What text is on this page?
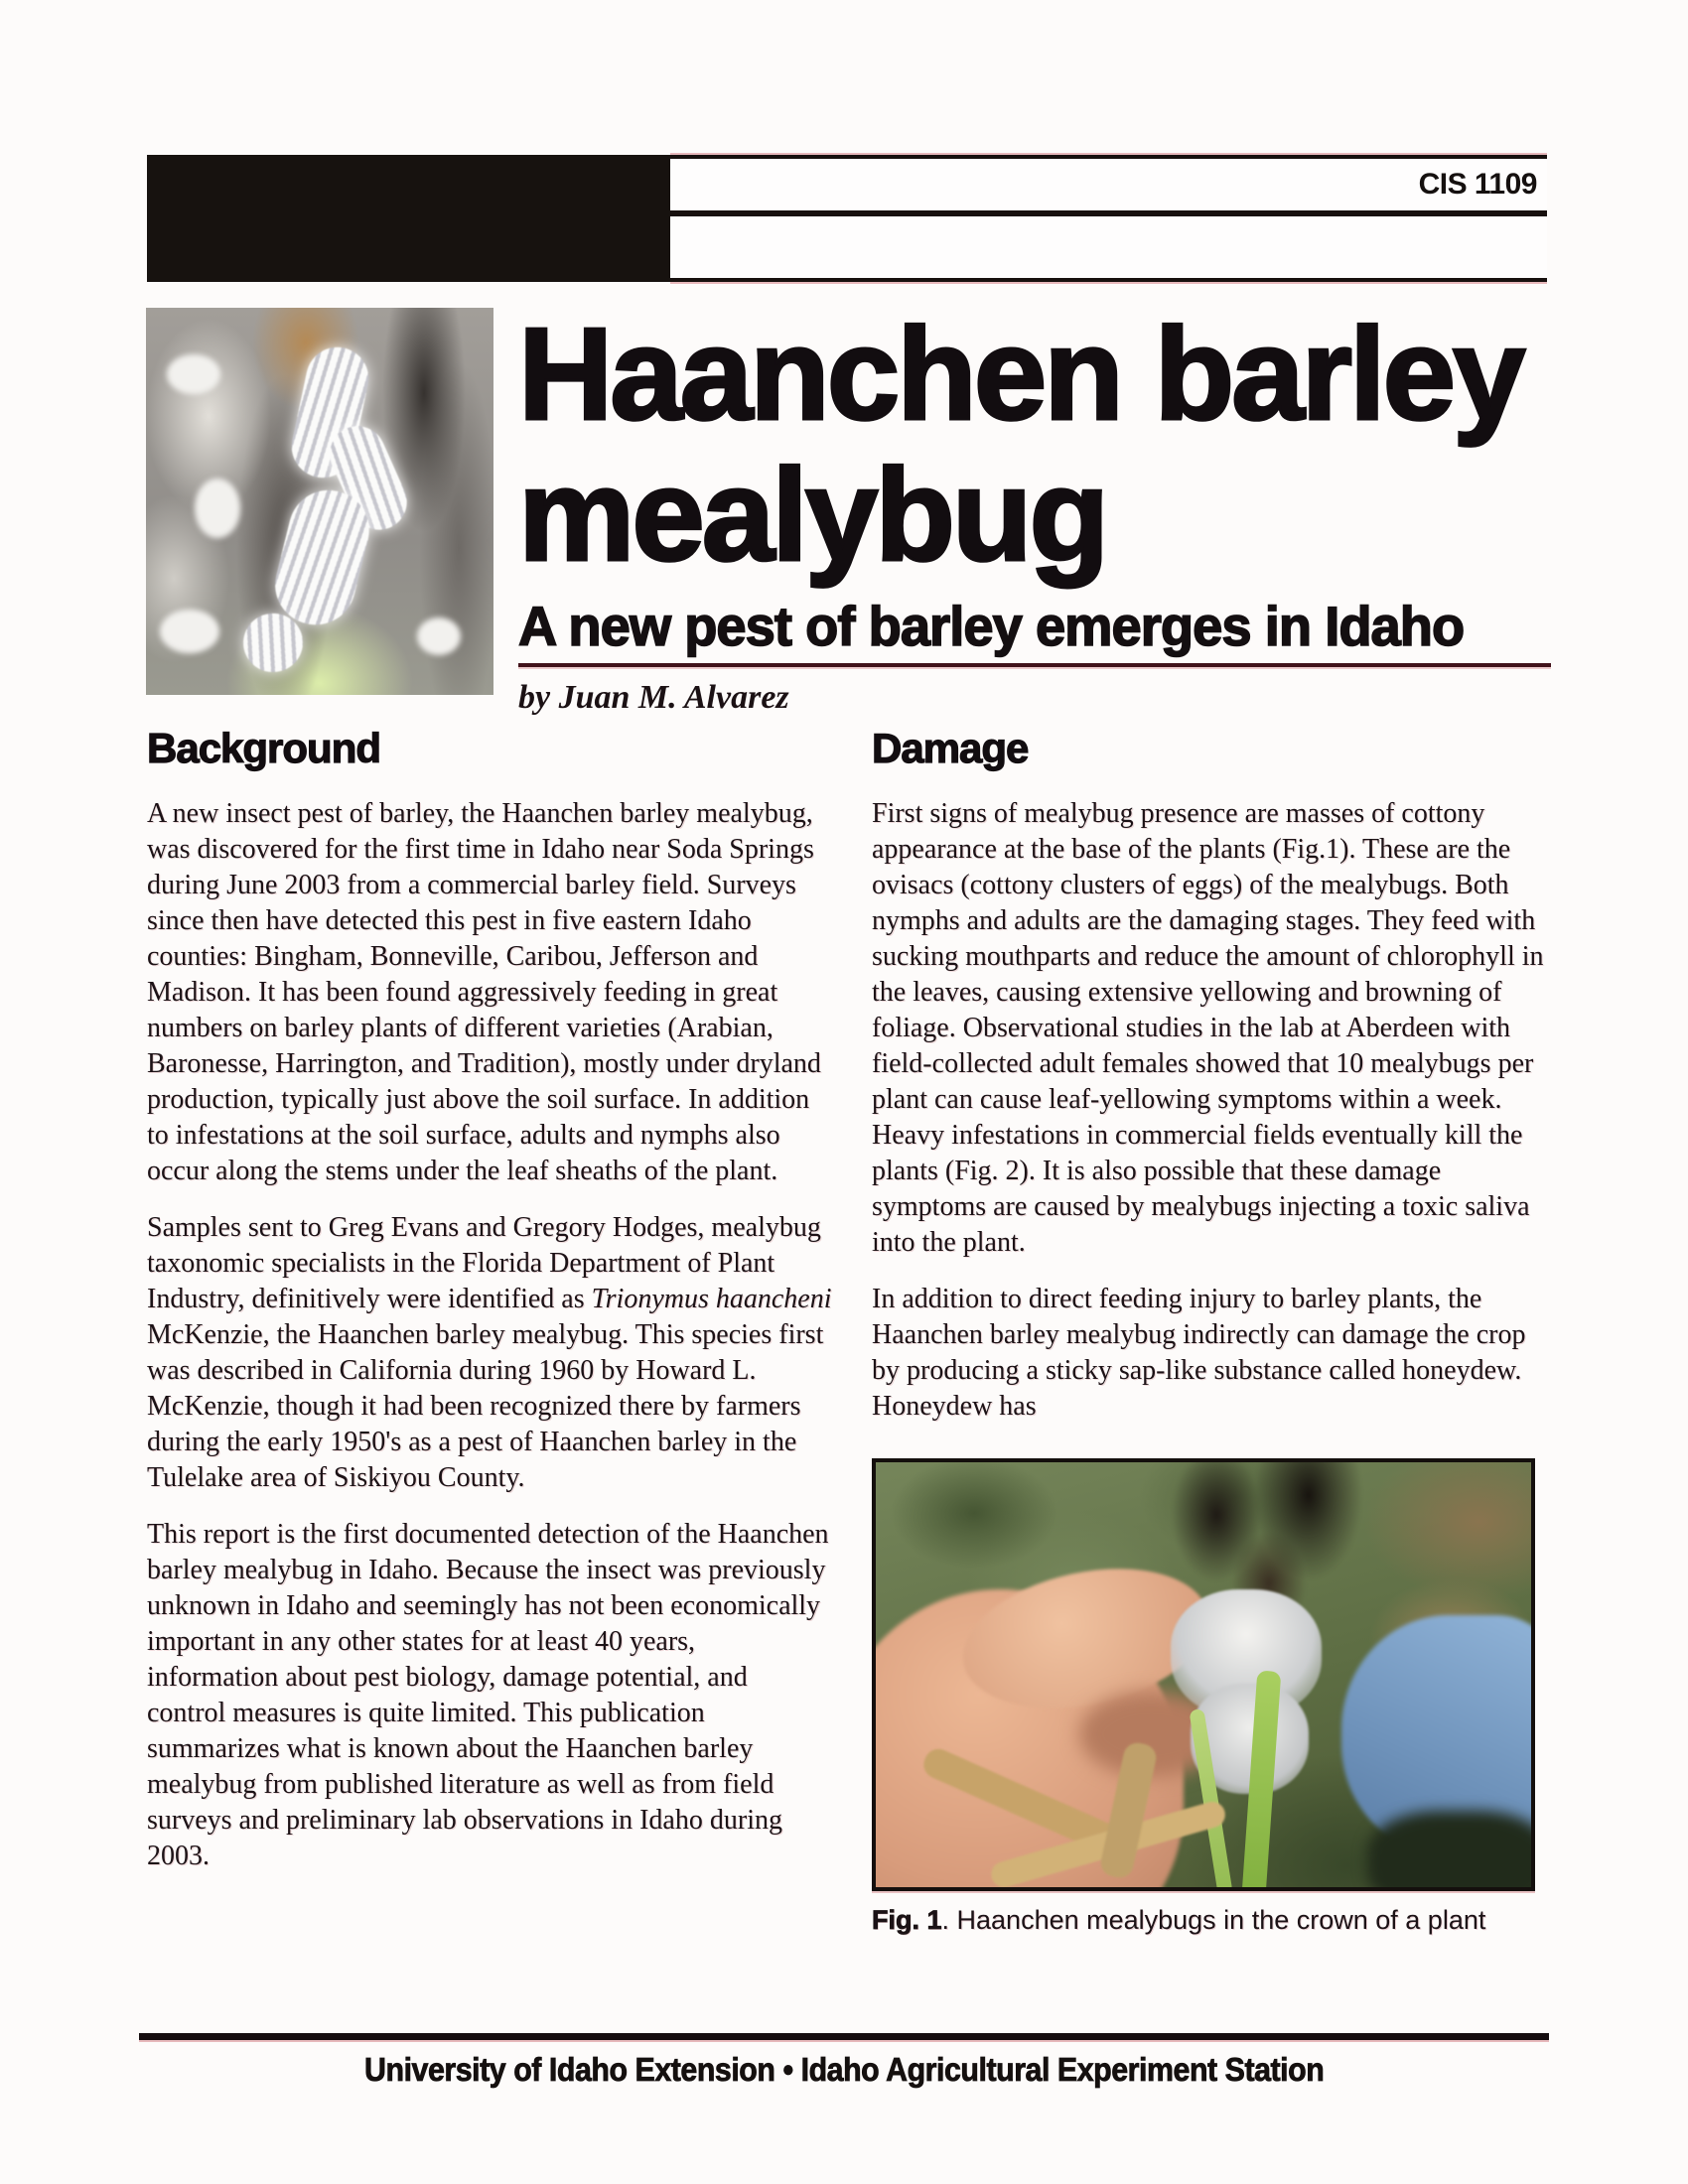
CIS 1109
Haanchen barley
mealybug
A new pest of barley emerges in Idaho
by Juan M. Alvarez
Background

A new insect pest of barley, the Haanchen barley mealybug, was discovered for the first time in Idaho near Soda Springs during June 2003 from a commercial barley field. Surveys since then have detected this pest in five eastern Idaho counties: Bingham, Bonneville, Caribou, Jefferson and Madison. It has been found aggressively feeding in great numbers on barley plants of different varieties (Arabian, Baronesse, Harrington, and Tradition), mostly under dryland production, typically just above the soil surface. In addition to infestations at the soil surface, adults and nymphs also occur along the stems under the leaf sheaths of the plant.

Samples sent to Greg Evans and Gregory Hodges, mealybug taxonomic specialists in the Florida Department of Plant Industry, definitively were identified as Trionymus haancheni McKenzie, the Haanchen barley mealybug. This species first was described in California during 1960 by Howard L. McKenzie, though it had been recognized there by farmers during the early 1950's as a pest of Haanchen barley in the Tulelake area of Siskiyou County.

This report is the first documented detection of the Haanchen barley mealybug in Idaho. Because the insect was previously unknown in Idaho and seemingly has not been economically important in any other states for at least 40 years, information about pest biology, damage potential, and control measures is quite limited. This publication summarizes what is known about the Haanchen barley mealybug from published literature as well as from field surveys and preliminary lab observations in Idaho during 2003.

Damage

First signs of mealybug presence are masses of cottony appearance at the base of the plants (Fig.1). These are the ovisacs (cottony clusters of eggs) of the mealybugs. Both nymphs and adults are the damaging stages. They feed with sucking mouthparts and reduce the amount of chlorophyll in the leaves, causing extensive yellowing and browning of foliage. Observational studies in the lab at Aberdeen with field-collected adult females showed that 10 mealybugs per plant can cause leaf-yellowing symptoms within a week. Heavy infestations in commercial fields eventually kill the plants (Fig. 2). It is also possible that these damage symptoms are caused by mealybugs injecting a toxic saliva into the plant.

In addition to direct feeding injury to barley plants, the Haanchen barley mealybug indirectly can damage the crop by producing a sticky sap-like substance called honeydew. Honeydew has

Fig. 1. Haanchen mealybugs in the crown of a plant
University of Idaho Extension • Idaho Agricultural Experiment Station
